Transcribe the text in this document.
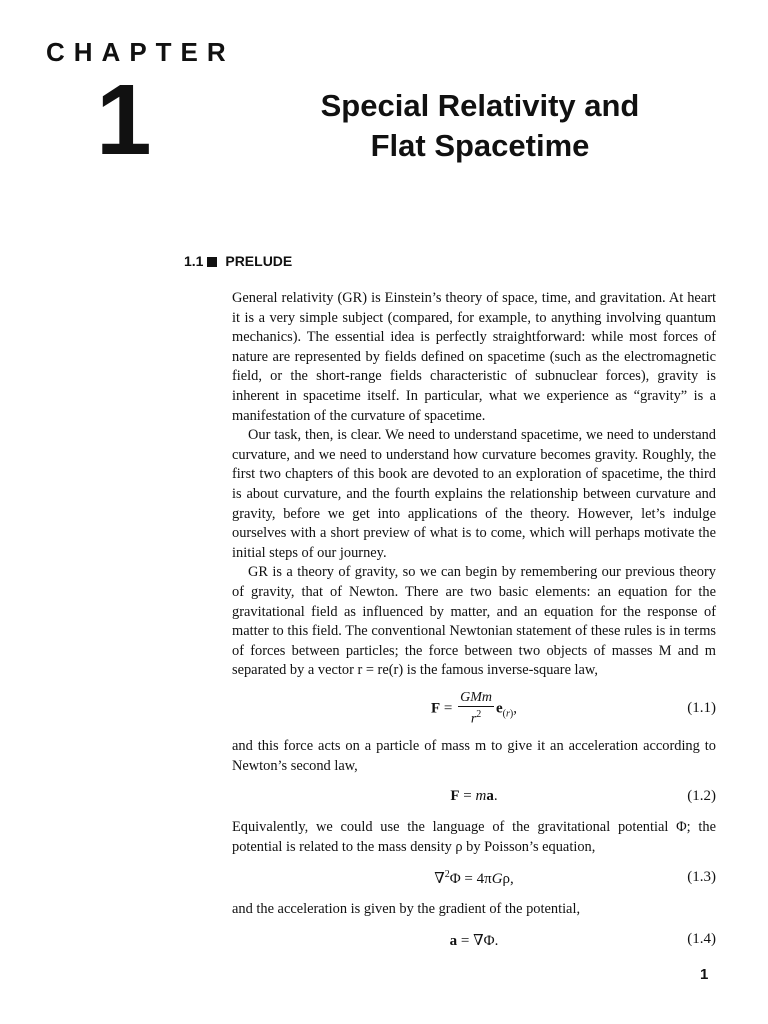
CHAPTER
1	Special Relativity and
Flat Spacetime
1.1 PRELUDE

General relativity (GR) is Einstein’s theory of space, time, and gravitation. At heart it is a very simple subject (compared, for example, to anything involving quantum mechanics). The essential idea is perfectly straightforward: while most forces of nature are represented by fields defined on spacetime (such as the electromagnetic field, or the short-range fields characteristic of subnuclear forces), gravity is inherent in spacetime itself. In particular, what we experience as “gravity” is a manifestation of the curvature of spacetime.

Our task, then, is clear. We need to understand spacetime, we need to understand curvature, and we need to understand how curvature becomes gravity. Roughly, the first two chapters of this book are devoted to an exploration of spacetime, the third is about curvature, and the fourth explains the relationship between curvature and gravity, before we get into applications of the theory. However, let’s indulge ourselves with a short preview of what is to come, which will perhaps motivate the initial steps of our journey.

GR is a theory of gravity, so we can begin by remembering our previous theory of gravity, that of Newton. There are two basic elements: an equation for the gravitational field as influenced by matter, and an equation for the response of matter to this field. The conventional Newtonian statement of these rules is in terms of forces between particles; the force between two objects of masses M and m separated by a vector r = re(r) is the famous inverse-square law,

$F = \frac{\text{GMm}}{r^2} e_{(r)}$,	(1.1)

and this force acts on a particle of mass m to give it an acceleration according to Newton’s second law,

F = ma.	(1.2)

Equivalently, we could use the language of the gravitational potential Φ; the potential is related to the mass density ρ by Poisson’s equation,

∇$^2$Φ = 4πGρ,	(1.3)

and the acceleration is given by the gradient of the potential,

a = ∇Φ.	(1.4)
1
